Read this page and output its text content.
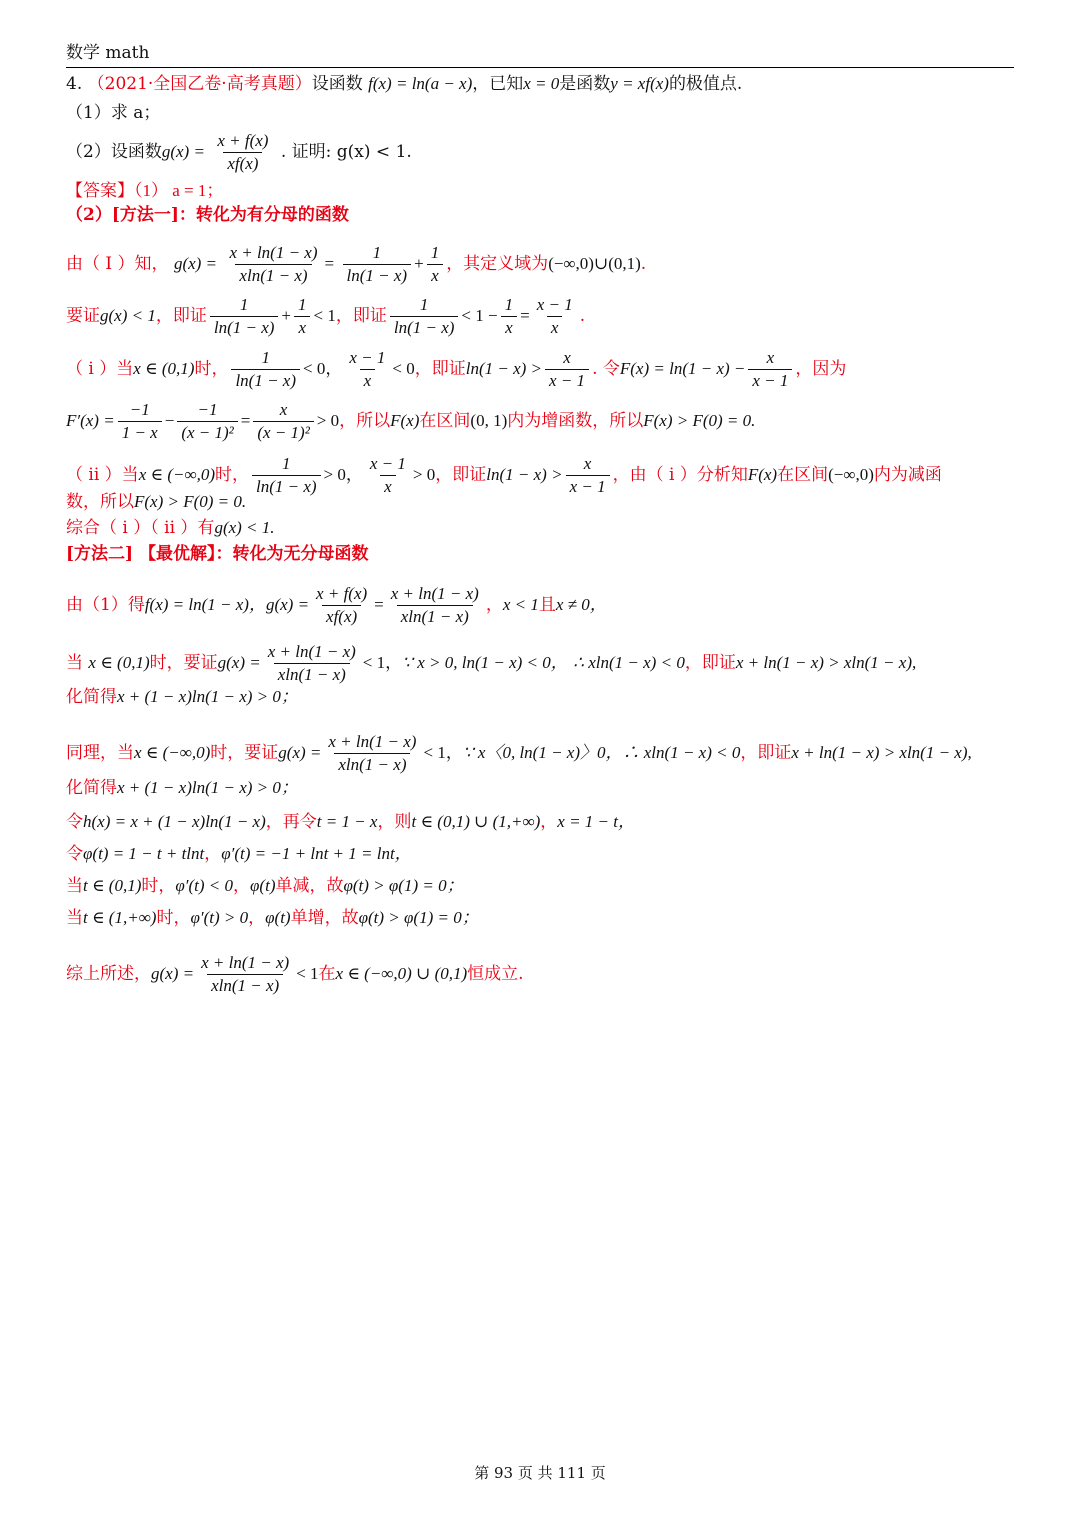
数学 math
4. （2021·全国乙卷·高考真题）设函数 f(x) = ln(a − x)，已知x = 0是函数y = xf(x)的极值点.
（1）求 a；
（2）设函数$g(x) = \frac{x + f(x)}{xf(x)}$ . 证明: g(x) < 1.
【答案】（1） a = 1；
（2）[方法一]：转化为有分母的函数
由（ Ⅰ ）知， $g(x) = \frac{x + \ln(1 - x)}{xln(1 - x)} = \frac{1}{\ln(1 - x)} + \frac{1}{x}$ ，其定义域为(−∞,0)∪(0,1).
要证g(x) < 1，即证 $\frac{1}{\ln(1 - x)} + \frac{1}{x} < 1$，即证 $\frac{1}{\ln(1 - x)} < 1 - \frac{1}{x} = \frac{x - 1}{x}$ .
（ i ）当x ∈ (0,1)时， $\frac{1}{\ln(1 - x)} < 0$， $\frac{x - 1}{x} < 0$，即证$\ln(1 - x) > \frac{x}{x - 1}$ . 令$F(x) = \ln(1 - x) - \frac{x}{x - 1}$ ，因为
$F'(x) = \frac{-1}{1 - x} - \frac{-1}{\text{(x − 1)²}} = \frac{x}{\text{(x − 1)²}} > 0$，所以F(x)在区间(0, 1)内为增函数，所以F(x) > F(0) = 0.
（ ii ）当x ∈ (−∞,0)时， $\frac{1}{\ln(1 - x)} > 0$， $\frac{x - 1}{x} > 0$，即证$\ln(1 - x) > \frac{x}{x - 1}$ ，由（ i ）分析知F(x)在区间(−∞,0)内为减函
数，所以F(x) > F(0) = 0.
综合（ i ）（ ii ）有g(x) < 1.
[方法二] 【最优解】：转化为无分母函数
由（1）得f(x) = ln(1 − x)，$g(x) = \frac{x + f(x)}{xf(x)} = \frac{x + \ln(1 - x)}{xln(1 - x)}$ ，x < 1且x ≠ 0，
当 x ∈ (0,1)时，要证$g(x) = \frac{x + \ln(1 - x)}{xln(1 - x)} < 1$，∵ x > 0, ln(1 − x) < 0， ∴ xln(1 − x) < 0，即证x + ln(1 − x) > xln(1 − x),
化简得x + (1 − x)ln(1 − x) > 0；
同理，当x ∈ (−∞,0)时，要证$g(x) = \frac{x + \ln(1 - x)}{xln(1 - x)} < 1$，∵ x〈0, ln(1 − x)〉0，∴ xln(1 − x) < 0，即证x + ln(1 − x) > xln(1 − x),
化简得x + (1 − x)ln(1 − x) > 0；
令h(x) = x + (1 − x)ln(1 − x)，再令t = 1 − x，则t ∈ (0,1) ∪ (1,+∞)，x = 1 − t，
令φ(t) = 1 − t + tlnt，φ′(t) = −1 + lnt + 1 = lnt，
当t ∈ (0,1)时，φ′(t) < 0，φ(t)单减，故φ(t) > φ(1) = 0；
当t ∈ (1,+∞)时，φ′(t) > 0，φ(t)单增，故φ(t) > φ(1) = 0；
综上所述，$g(x) = \frac{x + \ln(1 - x)}{xln(1 - x)} < 1$在x ∈ (−∞,0) ∪ (0,1)恒成立.
第 93 页 共 111 页
